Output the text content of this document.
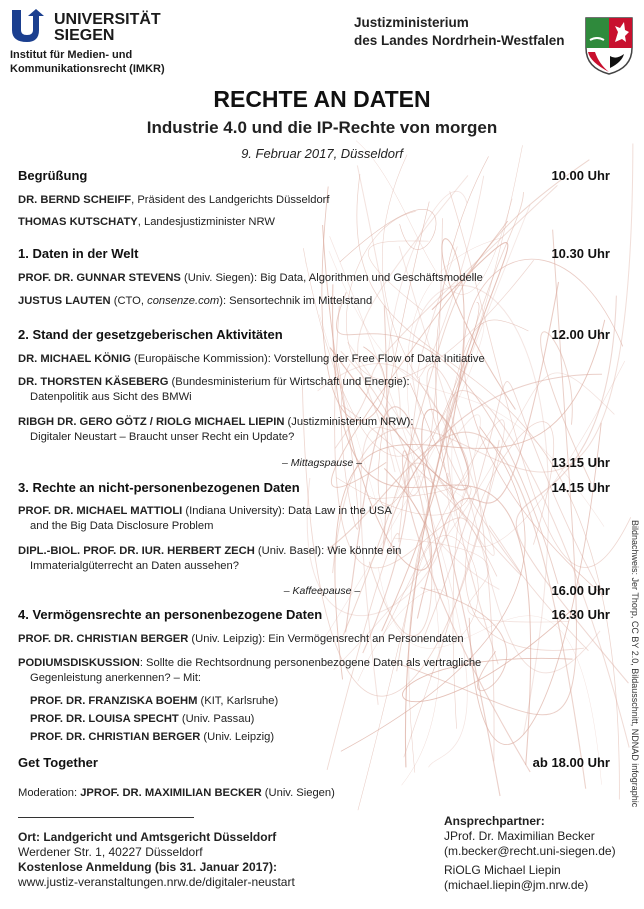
UNIVERSITÄT
SIEGEN
Institut für Medien- und
Kommunikationsrecht (IMKR)
Justizministerium
des Landes Nordrhein-Westfalen
RECHTE AN DATEN
Industrie 4.0 und die IP-Rechte von morgen
9. Februar 2017, Düsseldorf
Begrüßung	10.00 Uhr
DR. BERND SCHEIFF, Präsident des Landgerichts Düsseldorf
THOMAS KUTSCHATY, Landesjustizminister NRW
1. Daten in der Welt	10.30 Uhr
PROF. DR. GUNNAR STEVENS (Univ. Siegen): Big Data, Algorithmen und Geschäftsmodelle
JUSTUS LAUTEN (CTO, consenze.com): Sensortechnik im Mittelstand
2. Stand der gesetzgeberischen Aktivitäten	12.00 Uhr
DR. MICHAEL KÖNIG (Europäische Kommission): Vorstellung der Free Flow of Data Initiative
DR. THORSTEN KÄSEBERG (Bundesministerium für Wirtschaft und Energie):
Datenpolitik aus Sicht des BMWi
RIBGH DR. GERO GÖTZ / RIOLG MICHAEL LIEPIN (Justizministerium NRW):
Digitaler Neustart – Braucht unser Recht ein Update?
– Mittagspause –	13.15 Uhr
3. Rechte an nicht-personenbezogenen Daten	14.15 Uhr
PROF. DR. MICHAEL MATTIOLI (Indiana University): Data Law in the USA
and the Big Data Disclosure Problem
DIPL.-BIOL. PROF. DR. IUR. HERBERT ZECH (Univ. Basel): Wie könnte ein
Immaterialgüterrecht an Daten aussehen?
– Kaffeepause –	16.00 Uhr
4. Vermögensrechte an personenbezogene Daten	16.30 Uhr
PROF. DR. CHRISTIAN BERGER (Univ. Leipzig): Ein Vermögensrecht an Personendaten
PODIUMSDISKUSSION: Sollte die Rechtsordnung personenbezogene Daten als vertragliche
Gegenleistung anerkennen? – Mit:
PROF. DR. FRANZISKA BOEHM (KIT, Karlsruhe)
PROF. DR. LOUISA SPECHT (Univ. Passau)
PROF. DR. CHRISTIAN BERGER (Univ. Leipzig)
Get Together	ab 18.00 Uhr
Moderation: JPROF. DR. MAXIMILIAN BECKER (Univ. Siegen)
Ort: Landgericht und Amtsgericht Düsseldorf
Werdener Str. 1, 40227 Düsseldorf
Kostenlose Anmeldung (bis 31. Januar 2017):
www.justiz-veranstaltungen.nrw.de/digitaler-neustart
Ansprechpartner:
JProf. Dr. Maximilian Becker
(m.becker@recht.uni-siegen.de)

RiOLG Michael Liepin
(michael.liepin@jm.nrw.de)
Bildnachweis: Jer Thorp, CC BY 2.0, Bildausschnitt, NDNAD infographic
